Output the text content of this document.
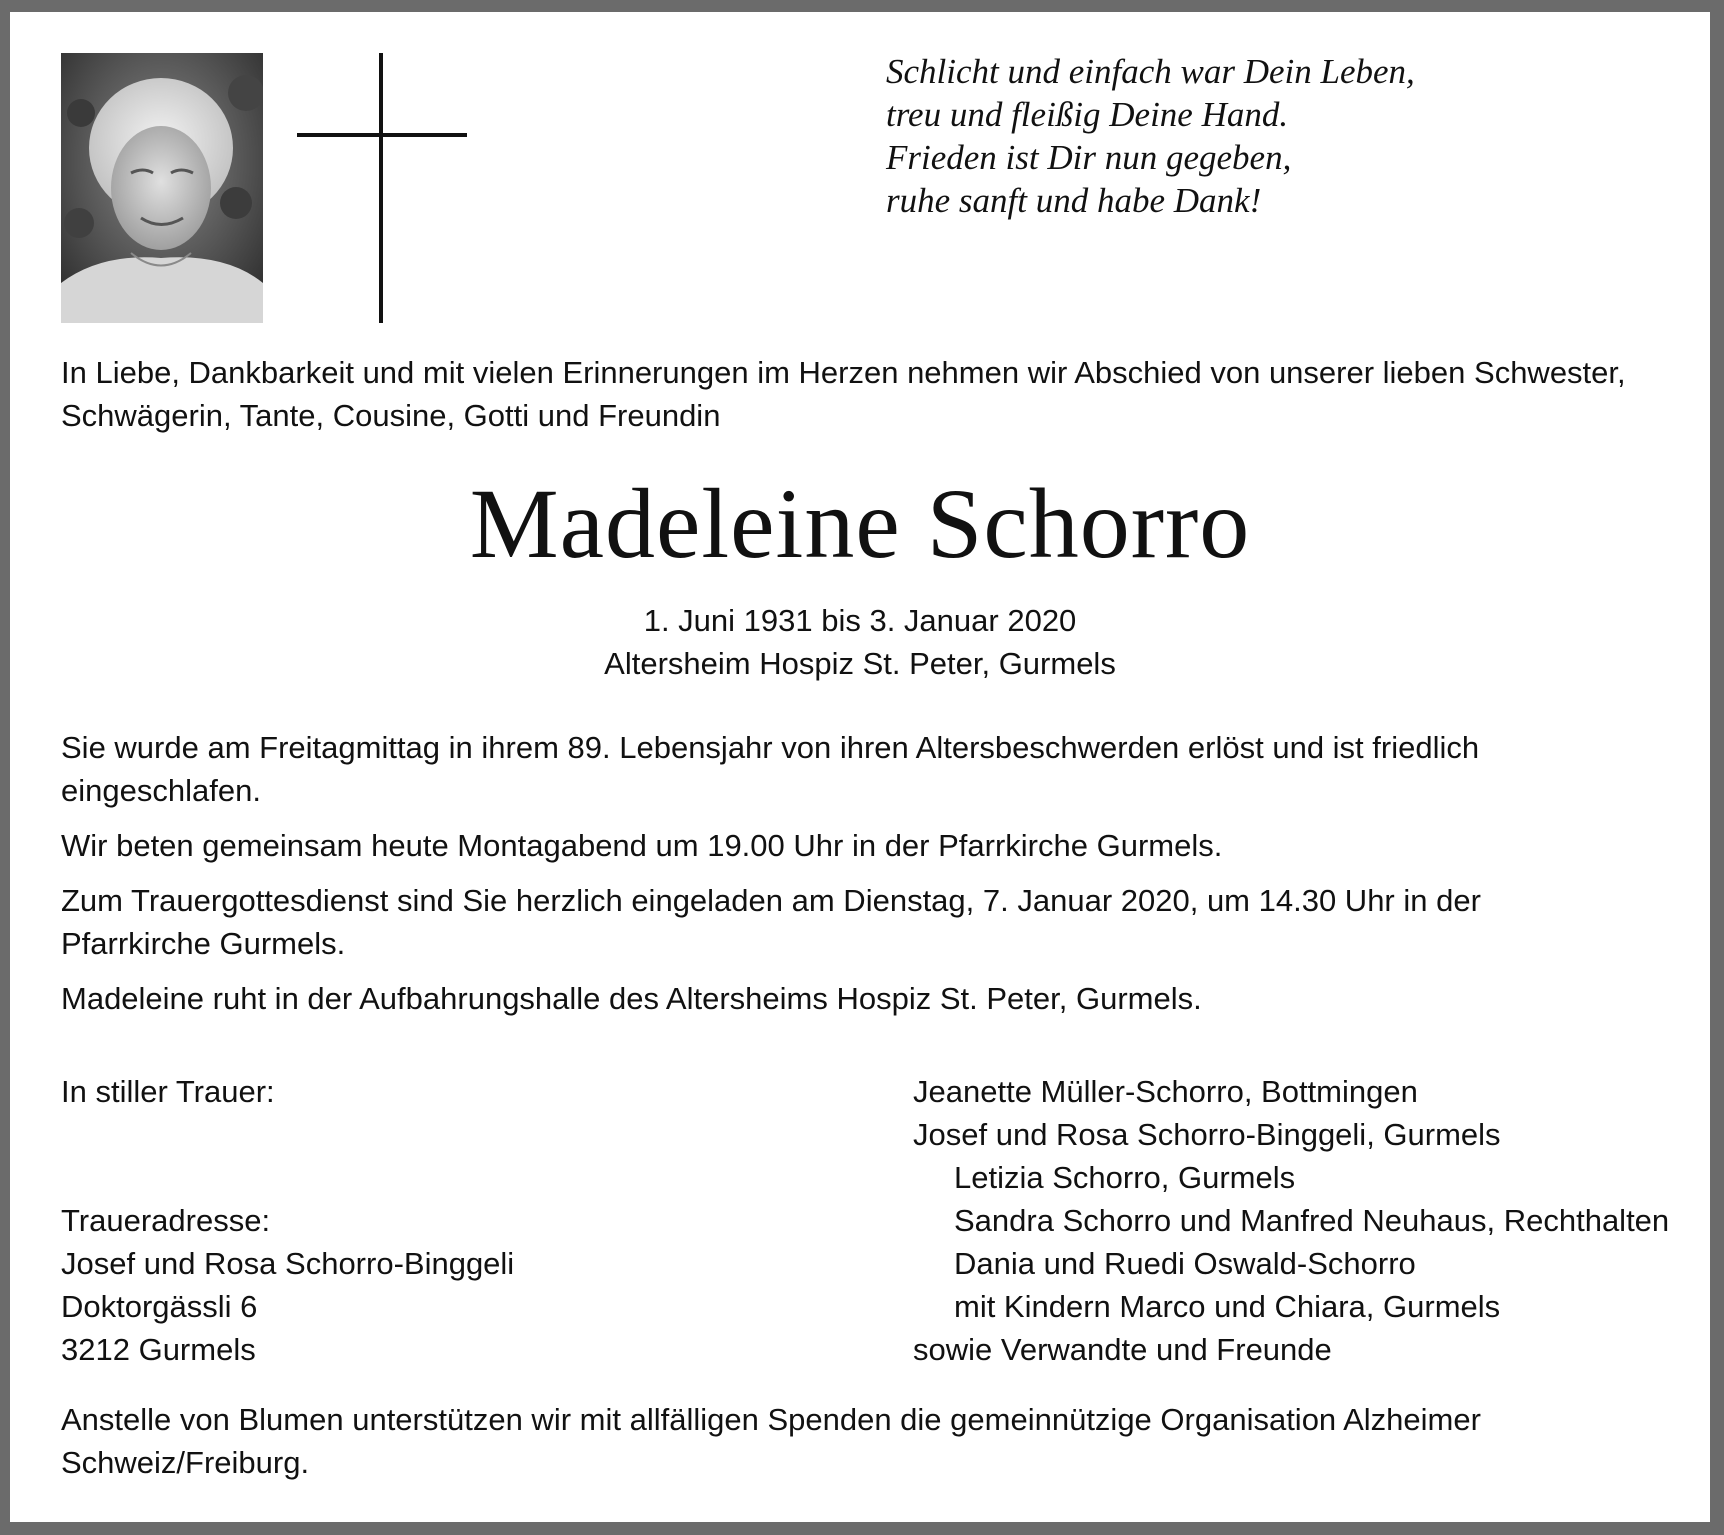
Schlicht und einfach war Dein Leben,
treu und fleißig Deine Hand.
Frieden ist Dir nun gegeben,
ruhe sanft und habe Dank!
In Liebe, Dankbarkeit und mit vielen Erinnerungen im Herzen nehmen wir Abschied von unserer lieben Schwester,
Schwägerin, Tante, Cousine, Gotti und Freundin
Madeleine Schorro
1. Juni 1931 bis 3. Januar 2020
Altersheim Hospiz St. Peter, Gurmels
Sie wurde am Freitagmittag in ihrem 89. Lebensjahr von ihren Altersbeschwerden erlöst und ist friedlich
eingeschlafen.
Wir beten gemeinsam heute Montagabend um 19.00 Uhr in der Pfarrkirche Gurmels.
Zum Trauergottesdienst sind Sie herzlich eingeladen am Dienstag, 7. Januar 2020, um 14.30 Uhr in der
Pfarrkirche Gurmels.
Madeleine ruht in der Aufbahrungshalle des Altersheims Hospiz St. Peter, Gurmels.
In stiller Trauer:
Traueradresse:
Josef und Rosa Schorro-Binggeli
Doktorgässli 6
3212 Gurmels
Jeanette Müller-Schorro, Bottmingen
Josef und Rosa Schorro-Binggeli, Gurmels
Letizia Schorro, Gurmels
Sandra Schorro und Manfred Neuhaus, Rechthalten
Dania und Ruedi Oswald-Schorro
mit Kindern Marco und Chiara, Gurmels
sowie Verwandte und Freunde
Anstelle von Blumen unterstützen wir mit allfälligen Spenden die gemeinnützige Organisation Alzheimer
Schweiz/Freiburg.
